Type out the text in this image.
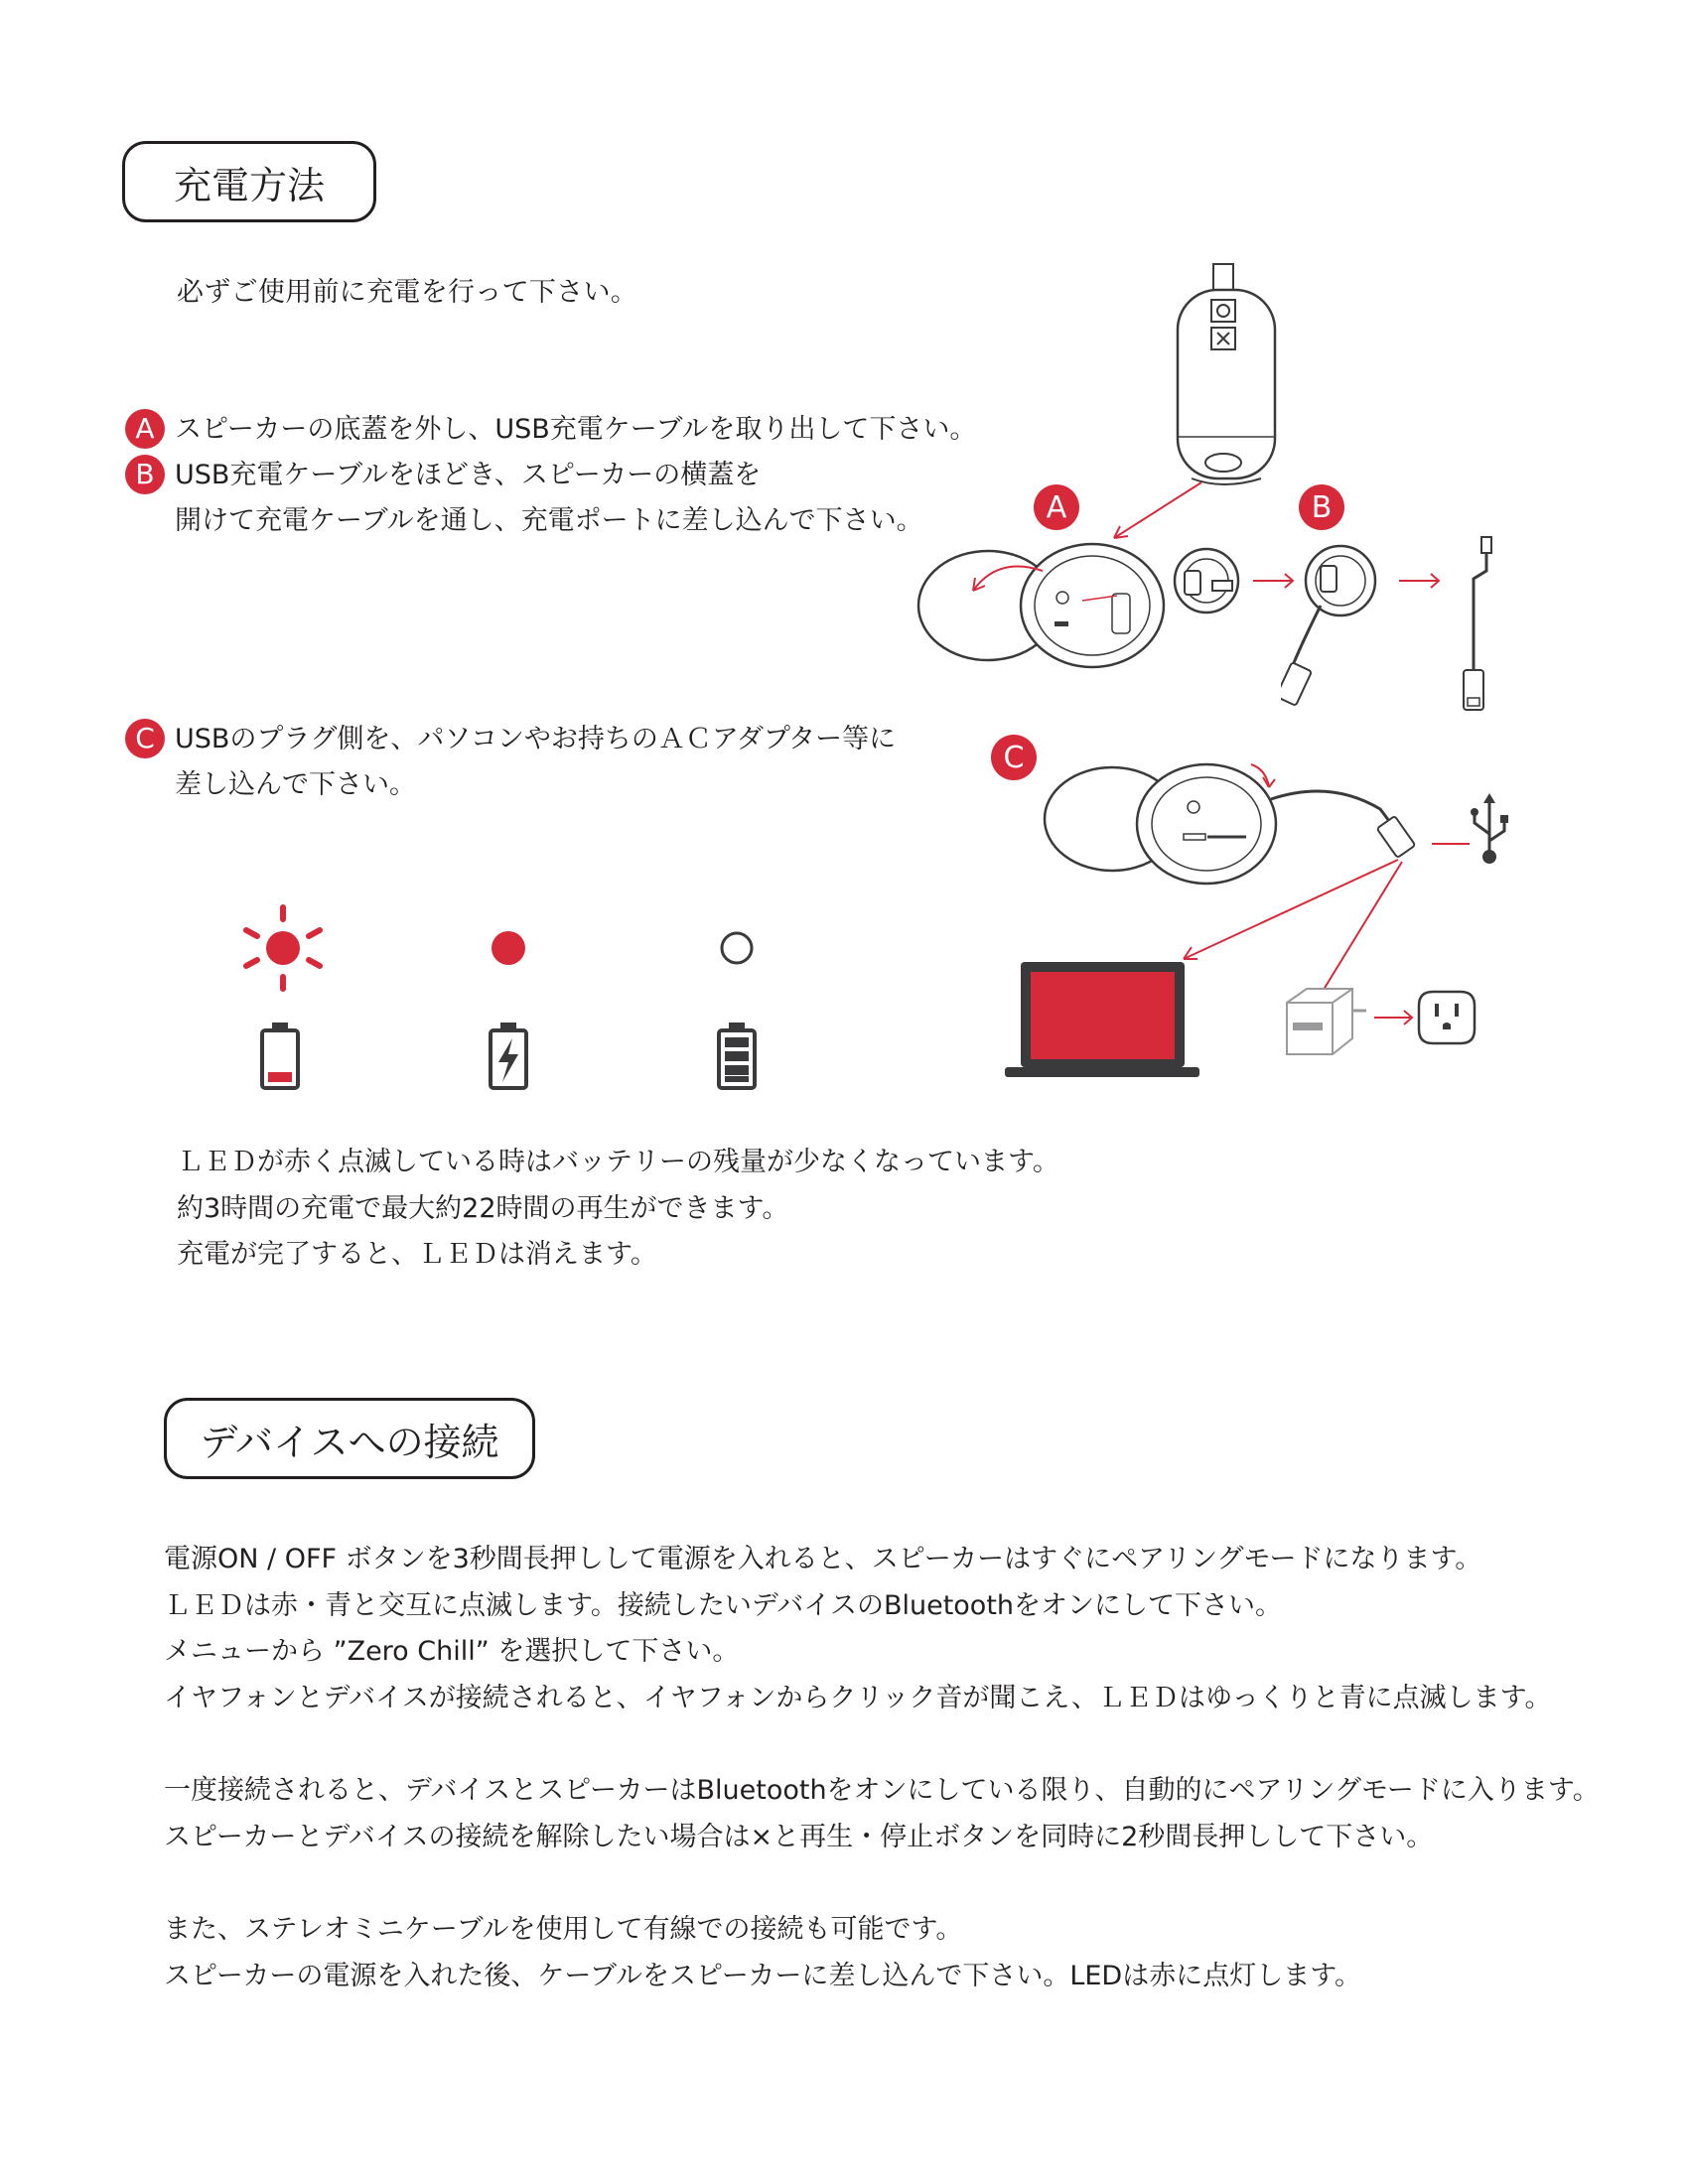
充電方法
必ずご使用前に充電を行って下さい。
A スピーカーの底蓋を外し、USB充電ケーブルを取り出して下さい。
B USB充電ケーブルをほどき、スピーカーの横蓋を
開けて充電ケーブルを通し、充電ポートに差し込んで下さい。
C USBのプラグ側を、パソコンやお持ちのＡＣアダプター等に
差し込んで下さい。
A	B
C
ＬＥＤが赤く点滅している時はバッテリーの残量が少なくなっています。
約3時間の充電で最大約22時間の再生ができます。
充電が完了すると、ＬＥＤは消えます。
デバイスへの接続
電源ON / OFF ボタンを3秒間長押しして電源を入れると、スピーカーはすぐにペアリングモードになります。
ＬＥＤは赤・青と交互に点滅します。接続したいデバイスのBluetoothをオンにして下さい。
メニューから ”Zero Chill” を選択して下さい。
イヤフォンとデバイスが接続されると、イヤフォンからクリック音が聞こえ、ＬＥＤはゆっくりと青に点滅します。
一度接続されると、デバイスとスピーカーはBluetoothをオンにしている限り、自動的にペアリングモードに入ります。
スピーカーとデバイスの接続を解除したい場合は×と再生・停止ボタンを同時に2秒間長押しして下さい。
また、ステレオミニケーブルを使用して有線での接続も可能です。
スピーカーの電源を入れた後、ケーブルをスピーカーに差し込んで下さい。LEDは赤に点灯します。
